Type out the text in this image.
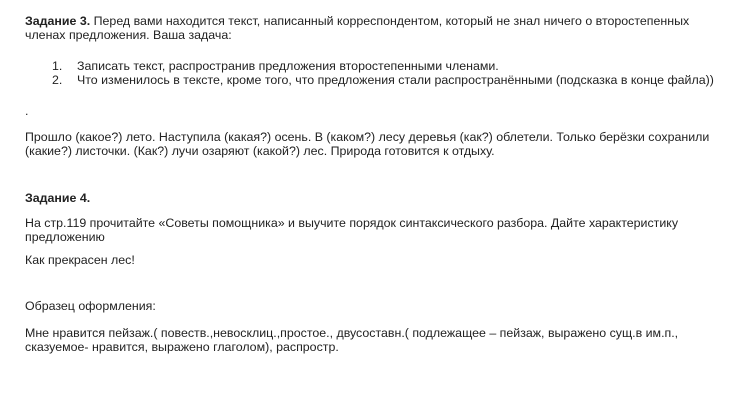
Задание 3. Перед вами находится текст, написанный корреспондентом, который не знал ничего о второстепенных членах предложения. Ваша задача:

1.	Записать текст, распространив предложения второстепенными членами.
2.	Что изменилось в тексте, кроме того, что предложения стали распространёнными (подсказка в конце файла))

.

Прошло (какое?) лето. Наступила (какая?) осень. В (каком?) лесу деревья (как?) облетели. Только берёзки сохранили (какие?) листочки. (Как?) лучи озаряют (какой?) лес. Природа готовится к отдыху.

Задание 4.

На стр.119 прочитайте «Советы помощника» и выучите порядок синтаксического разбора. Дайте характеристику предложению

Как прекрасен лес!

Образец оформления:

Мне нравится пейзаж.( повеств.,невосклиц.,простое., двусоставн.( подлежащее – пейзаж, выражено сущ.в им.п., сказуемое- нравится, выражено глаголом), распростр.
